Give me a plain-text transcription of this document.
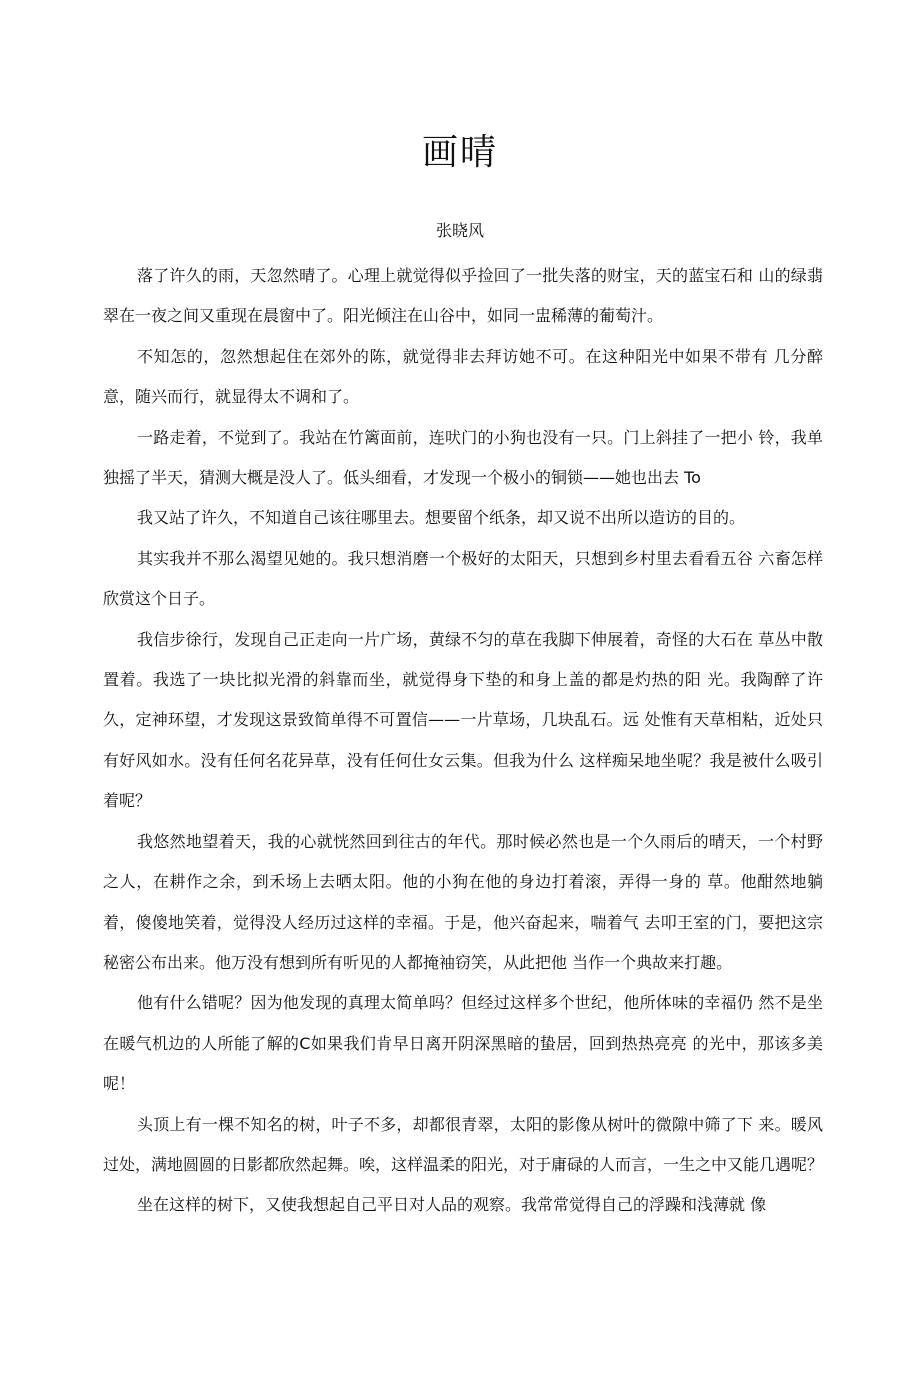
画晴
张晓风

落了许久的雨，天忽然晴了。心理上就觉得似乎捡回了一批失落的财宝，天的蓝宝石和 山的绿翡翠在一夜之间又重现在晨窗中了。阳光倾注在山谷中，如同一盅稀薄的葡萄汁。

不知怎的，忽然想起住在郊外的陈，就觉得非去拜访她不可。在这种阳光中如果不带有 几分醉意，随兴而行，就显得太不调和了。

一路走着，不觉到了。我站在竹篱面前，连吠门的小狗也没有一只。门上斜挂了一把小 铃，我单独摇了半天，猜测大概是没人了。低头细看，才发现一个极小的铜锁——她也出去 To

我又站了许久，不知道自己该往哪里去。想要留个纸条，却又说不出所以造访的目的。

其实我并不那么渴望见她的。我只想消磨一个极好的太阳天，只想到乡村里去看看五谷 六畜怎样欣赏这个日子。

我信步徐行，发现自己正走向一片广场，黄绿不匀的草在我脚下伸展着，奇怪的大石在 草丛中散置着。我选了一块比拟光滑的斜靠而坐，就觉得身下垫的和身上盖的都是灼热的阳 光。我陶醉了许久，定神环望，才发现这景致简单得不可置信——一片草场，几块乱石。远 处惟有天草相粘，近处只有好风如水。没有任何名花异草，没有任何仕女云集。但我为什么 这样痴呆地坐呢？我是被什么吸引着呢？

我悠然地望着天，我的心就恍然回到往古的年代。那时候必然也是一个久雨后的晴天，一个村野之人，在耕作之余，到禾场上去晒太阳。他的小狗在他的身边打着滚，弄得一身的 草。他酣然地躺着，傻傻地笑着，觉得没人经历过这样的幸福。于是，他兴奋起来，喘着气 去叩王室的门，要把这宗秘密公布出来。他万没有想到所有听见的人都掩袖窃笑，从此把他 当作一个典故来打趣。

他有什么错呢？因为他发现的真理太简单吗？但经过这样多个世纪，他所体味的幸福仍 然不是坐在暖气机边的人所能了解的C如果我们肯早日离开阴深黑暗的蛰居，回到热热亮亮 的光中，那该多美呢！

头顶上有一棵不知名的树，叶子不多，却都很青翠，太阳的影像从树叶的微隙中筛了下 来。暖风过处，满地圆圆的日影都欣然起舞。唉，这样温柔的阳光，对于庸碌的人而言，一生之中又能几遇呢？

坐在这样的树下，又使我想起自己平日对人品的观察。我常常觉得自己的浮躁和浅薄就 像
